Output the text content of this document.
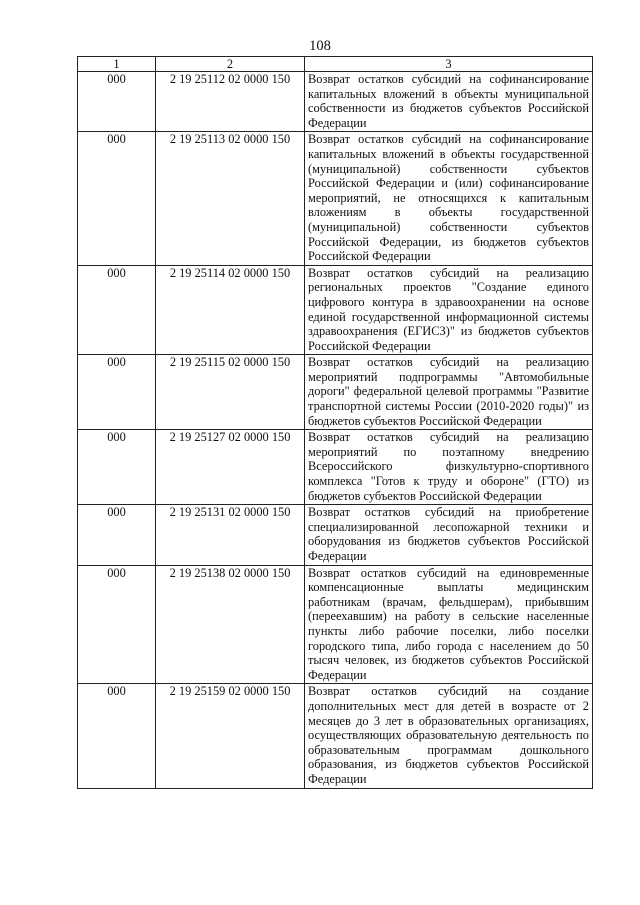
108
1	2	3
000	2 19 25112 02 0000 150	Возврат остатков субсидий на софинансирование капитальных вложений в объекты муниципальной собственности из бюджетов субъектов Российской Федерации
000	2 19 25113 02 0000 150	Возврат остатков субсидий на софинансирование капитальных вложений в объекты государственной (муниципальной) собственности субъектов Российской Федерации и (или) софинансирование мероприятий, не относящихся к капитальным вложениям в объекты государственной (муниципальной) собственности субъектов Российской Федерации, из бюджетов субъектов Российской Федерации
000	2 19 25114 02 0000 150	Возврат остатков субсидий на реализацию региональных проектов "Создание единого цифрового контура в здравоохранении на основе единой государственной информационной системы здравоохранения (ЕГИСЗ)" из бюджетов субъектов Российской Федерации
000	2 19 25115 02 0000 150	Возврат остатков субсидий на реализацию мероприятий подпрограммы "Автомобильные дороги" федеральной целевой программы "Развитие транспортной системы России (2010-2020 годы)" из бюджетов субъектов Российской Федерации
000	2 19 25127 02 0000 150	Возврат остатков субсидий на реализацию мероприятий по поэтапному внедрению Всероссийского физкультурно-спортивного комплекса "Готов к труду и обороне" (ГТО) из бюджетов субъектов Российской Федерации
000	2 19 25131 02 0000 150	Возврат остатков субсидий на приобретение специализированной лесопожарной техники и оборудования из бюджетов субъектов Российской Федерации
000	2 19 25138 02 0000 150	Возврат остатков субсидий на единовременные компенсационные выплаты медицинским работникам (врачам, фельдшерам), прибывшим (переехавшим) на работу в сельские населенные пункты либо рабочие поселки, либо поселки городского типа, либо города с населением до 50 тысяч человек, из бюджетов субъектов Российской Федерации
000	2 19 25159 02 0000 150	Возврат остатков субсидий на создание дополнительных мест для детей в возрасте от 2 месяцев до 3 лет в образовательных организациях, осуществляющих образовательную деятельность по образовательным программам дошкольного образования, из бюджетов субъектов Российской Федерации
